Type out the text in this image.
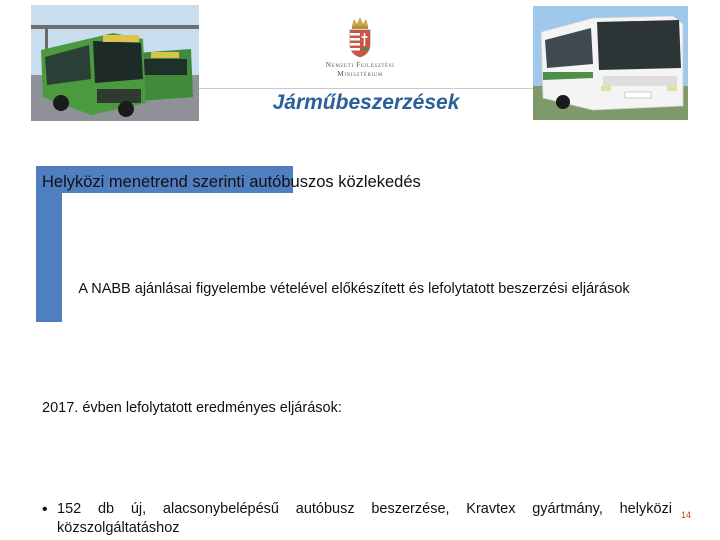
Nemzeti Fejlesztési
Minisztérium
Járműbeszerzések
Helyközi menetrend szerinti autóbuszos közlekedés
A NABB ajánlásai figyelembe vételével előkészített és lefolytatott beszerzési eljárások
2017. évben lefolytatott eredményes eljárások:
• 152 db új, alacsonybelépésű autóbusz beszerzése, Kravtex gyártmány, helyközi közszolgáltatáshoz
14
